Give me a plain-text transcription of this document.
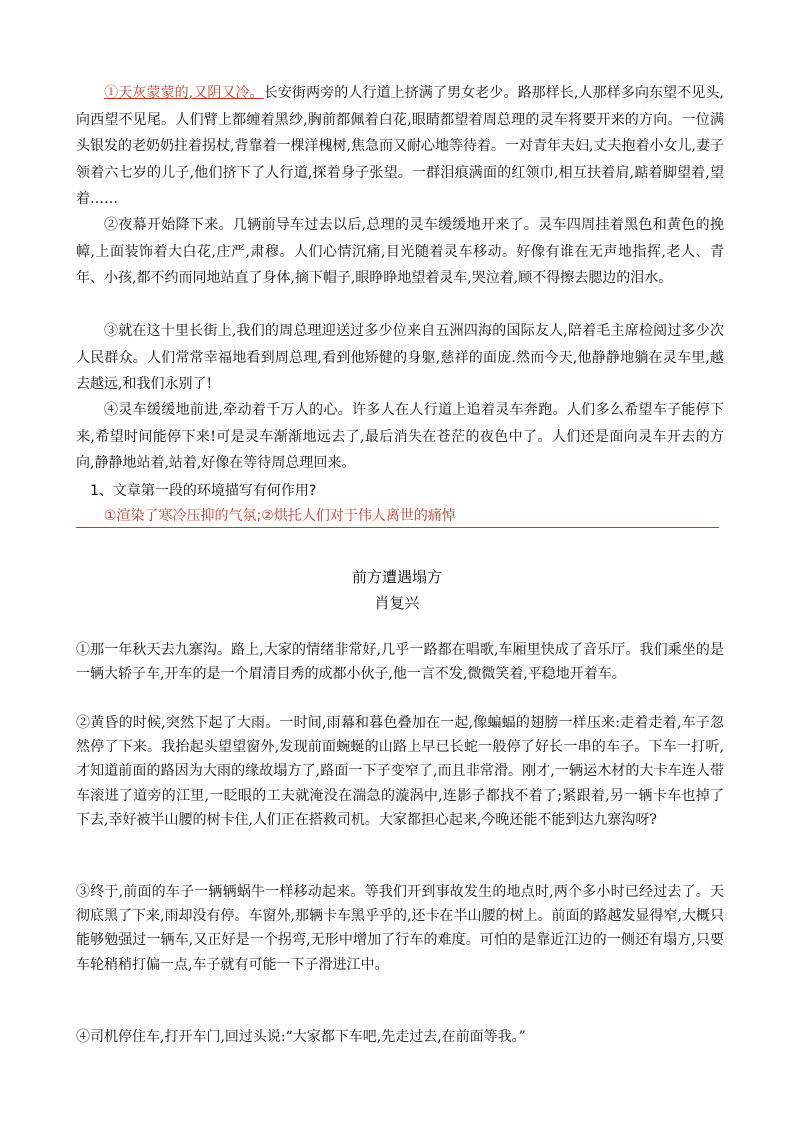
①天灰蒙蒙的,又阴又冷。长安街两旁的人行道上挤满了男女老少。路那样长,人那样多向东望不见头,向西望不见尾。人们臂上都缠着黑纱,胸前都佩着白花,眼睛都望着周总理的灵车将要开来的方向。一位满头银发的老奶奶拄着拐杖,背靠着一棵洋槐树,焦急而又耐心地等待着。一对青年夫妇,丈夫抱着小女儿,妻子领着六七岁的儿子,他们挤下了人行道,探着身子张望。一群泪痕满面的红领巾,相互扶着肩,踮着脚望着,望着……

②夜幕开始降下来。几辆前导车过去以后,总理的灵车缓缓地开来了。灵车四周挂着黑色和黄色的挽幛,上面装饰着大白花,庄严,肃穆。人们心情沉痛,目光随着灵车移动。好像有谁在无声地指挥,老人、青年、小孩,都不约而同地站直了身体,摘下帽子,眼睁睁地望着灵车,哭泣着,顾不得擦去腮边的泪水。

③就在这十里长街上,我们的周总理迎送过多少位来自五洲四海的国际友人,陪着毛主席检阅过多少次人民群众。人们常常幸福地看到周总理,看到他矫健的身躯,慈祥的面庞.然而今天,他静静地躺在灵车里,越去越远,和我们永别了!

④灵车缓缓地前进,牵动着千万人的心。许多人在人行道上追着灵车奔跑。人们多么希望车子能停下来,希望时间能停下来!可是灵车渐渐地远去了,最后消失在苍茫的夜色中了。人们还是面向灵车开去的方向,静静地站着,站着,好像在等待周总理回来。

1、文章第一段的环境描写有何作用?
①渲染了寒冷压抑的气氛;②烘托人们对于伟人离世的痛悼
前方遭遇塌方
肖复兴

①那一年秋天去九寨沟。路上,大家的情绪非常好,几乎一路都在唱歌,车厢里快成了音乐厅。我们乘坐的是一辆大轿子车,开车的是一个眉清目秀的成都小伙子,他一言不发,微微笑着,平稳地开着车。

②黄昏的时候,突然下起了大雨。一时间,雨幕和暮色叠加在一起,像蝙蝠的翅膀一样压来:走着走着,车子忽然停了下来。我抬起头望望窗外,发现前面蜿蜒的山路上早已长蛇一般停了好长一串的车子。下车一打听,才知道前面的路因为大雨的缘故塌方了,路面一下子变窄了,而且非常滑。刚才,一辆运木材的大卡车连人带车滚进了道旁的江里,一眨眼的工夫就淹没在湍急的漩涡中,连影子都找不着了;紧跟着,另一辆卡车也掉了下去,幸好被半山腰的树卡住,人们正在搭救司机。大家都担心起来,今晚还能不能到达九寨沟呀?

③终于,前面的车子一辆辆蜗牛一样移动起来。等我们开到事故发生的地点时,两个多小时已经过去了。天彻底黑了下来,雨却没有停。车窗外,那辆卡车黑乎乎的,还卡在半山腰的树上。前面的路越发显得窄,大概只能够勉强过一辆车,又正好是一个拐弯,无形中增加了行车的难度。可怕的是靠近江边的一侧还有塌方,只要车轮稍稍打偏一点,车子就有可能一下子滑进江中。

④司机停住车,打开车门,回过头说:“大家都下车吧,先走过去,在前面等我。”
